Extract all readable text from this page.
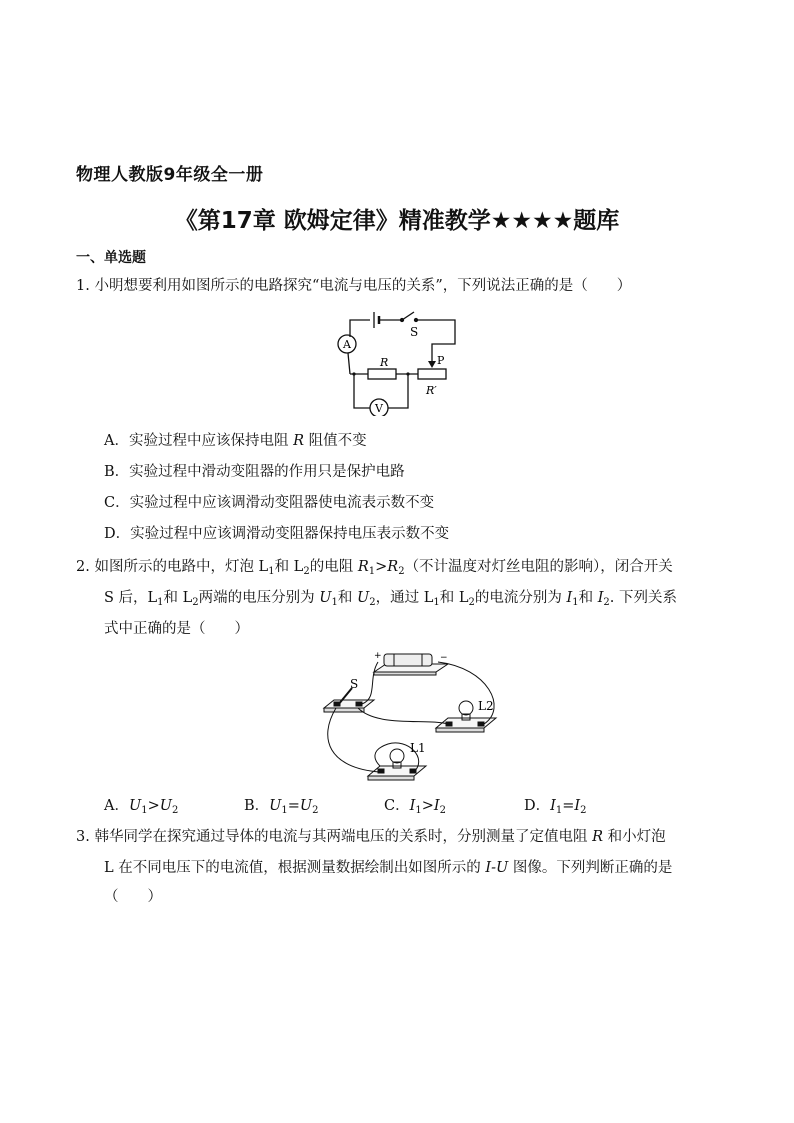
物理人教版9年级全一册
《第17章 欧姆定律》精准教学★★★★题库
一、单选题
1. 小明想要利用如图所示的电路探究“电流与电压的关系”，下列说法正确的是（　　）
A
V
S
R	P
R′
A．实验过程中应该保持电阻 R 阻值不变
B．实验过程中滑动变阻器的作用只是保护电路
C．实验过程中应该调滑动变阻器使电流表示数不变
D．实验过程中应该调滑动变阻器保持电压表示数不变
2. 如图所示的电路中，灯泡 $L_1$和 $L_2$的电阻 $R_1>R_2$（不计温度对灯丝电阻的影响），闭合开关
S 后，$L_1$和 $L_2$两端的电压分别为 $U_1$和 $U_2$，通过 $L_1$和 $L_2$的电流分别为 $I_1$和 $I_2$. 下列关系
式中正确的是（　　）
+	−
S
L2
L1
A．$U_1>U_2$	B．$U_1=U_2$	C．$I_1>I_2$	D．$I_1=I_2$
3. 韩华同学在探究通过导体的电流与其两端电压的关系时，分别测量了定值电阻 R 和小灯泡
L 在不同电压下的电流值，根据测量数据绘制出如图所示的 I-U 图像。下列判断正确的是
（　　）
